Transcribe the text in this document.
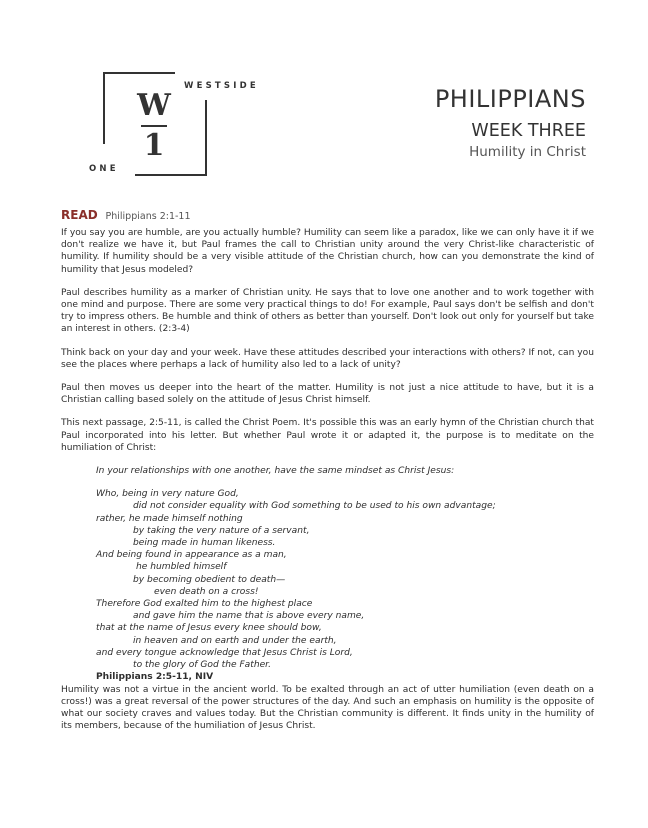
WESTSIDE
ONE
W
1
PHILIPPIANS
WEEK THREE
Humility in Christ
READ Philippians 2:1-11

If you say you are humble, are you actually humble? Humility can seem like a paradox, like we can only have it if we don't realize we have it, but Paul frames the call to Christian unity around the very Christ-like characteristic of humility. If humility should be a very visible attitude of the Christian church, how can you demonstrate the kind of humility that Jesus modeled?

Paul describes humility as a marker of Christian unity. He says that to love one another and to work together with one mind and purpose. There are some very practical things to do! For example, Paul says don't be selfish and don't try to impress others. Be humble and think of others as better than yourself. Don't look out only for yourself but take an interest in others. (2:3-4)

Think back on your day and your week. Have these attitudes described your interactions with others? If not, can you see the places where perhaps a lack of humility also led to a lack of unity?

Paul then moves us deeper into the heart of the matter. Humility is not just a nice attitude to have, but it is a Christian calling based solely on the attitude of Jesus Christ himself.

This next passage, 2:5-11, is called the Christ Poem. It's possible this was an early hymn of the Christian church that Paul incorporated into his letter. But whether Paul wrote it or adapted it, the purpose is to meditate on the humiliation of Christ:

In your relationships with one another, have the same mindset as Christ Jesus:
Who, being in very nature God,
did not consider equality with God something to be used to his own advantage;
rather, he made himself nothing
by taking the very nature of a servant,
being made in human likeness.
And being found in appearance as a man,
he humbled himself
by becoming obedient to death—
even death on a cross!
Therefore God exalted him to the highest place
and gave him the name that is above every name,
that at the name of Jesus every knee should bow,
in heaven and on earth and under the earth,
and every tongue acknowledge that Jesus Christ is Lord,
to the glory of God the Father.
Philippians 2:5-11, NIV

Humility was not a virtue in the ancient world. To be exalted through an act of utter humiliation (even death on a cross!) was a great reversal of the power structures of the day. And such an emphasis on humility is the opposite of what our society craves and values today. But the Christian community is different. It finds unity in the humility of its members, because of the humiliation of Jesus Christ.
